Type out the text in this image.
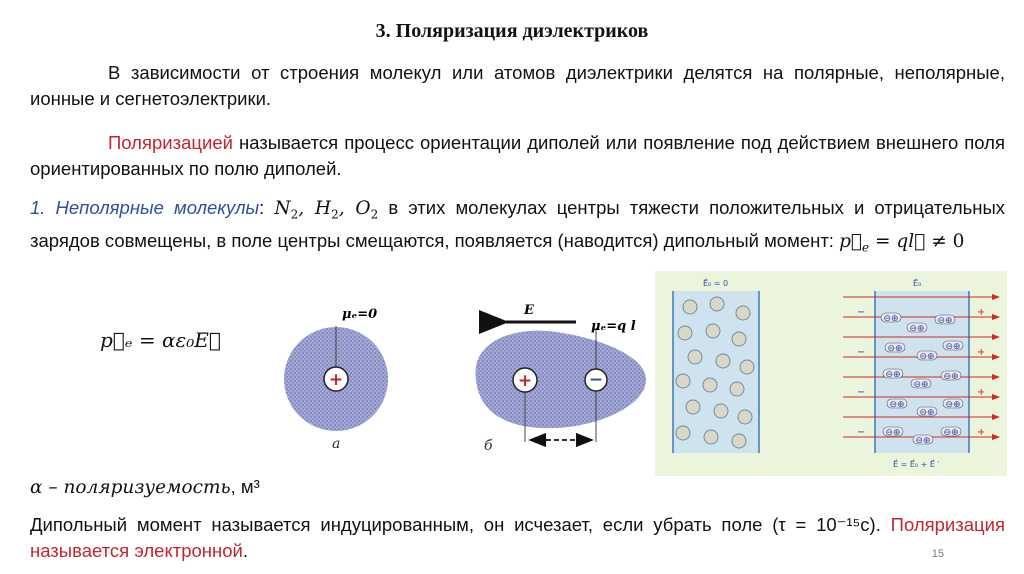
3. Поляризация диэлектриков
В зависимости от строения молекул или атомов диэлектрики делятся на полярные, неполярные, ионные и сегнетоэлектрики.
Поляризацией называется процесс ориентации диполей или появление под действием внешнего поля ориентированных по полю диполей.
1. Неполярные молекулы: $N_2$, $H_2$, $O_2$ в этих молекулах центры тяжести положительных и отрицательных зарядов совмещены, в поле центры смещаются, появляется (наводится) дипольный момент: $p⃗_e$ = ql⃗ ≠ 0
p⃗ₑ = αε₀E⃗
μₑ=0
+
а
E
μₑ=q l
+	−
б
E⃗₀ = 0	E⃗₀
⊖⊕
⊖⊕
⊖⊕
⊖⊕
⊖⊕
⊖⊕
⊖⊕
⊖⊕
⊖⊕
⊖⊕
⊖⊕
⊖⊕
⊖⊕
⊖⊕
⊖⊕
−
−
−
−
+
+
+
+
E⃗ = E⃗₀ + E⃗ ′
α – поляризуемость, м³
Дипольный момент называется индуцированным, он исчезает, если убрать поле (τ = 10⁻¹⁵с). Поляризация называется электронной.	15
